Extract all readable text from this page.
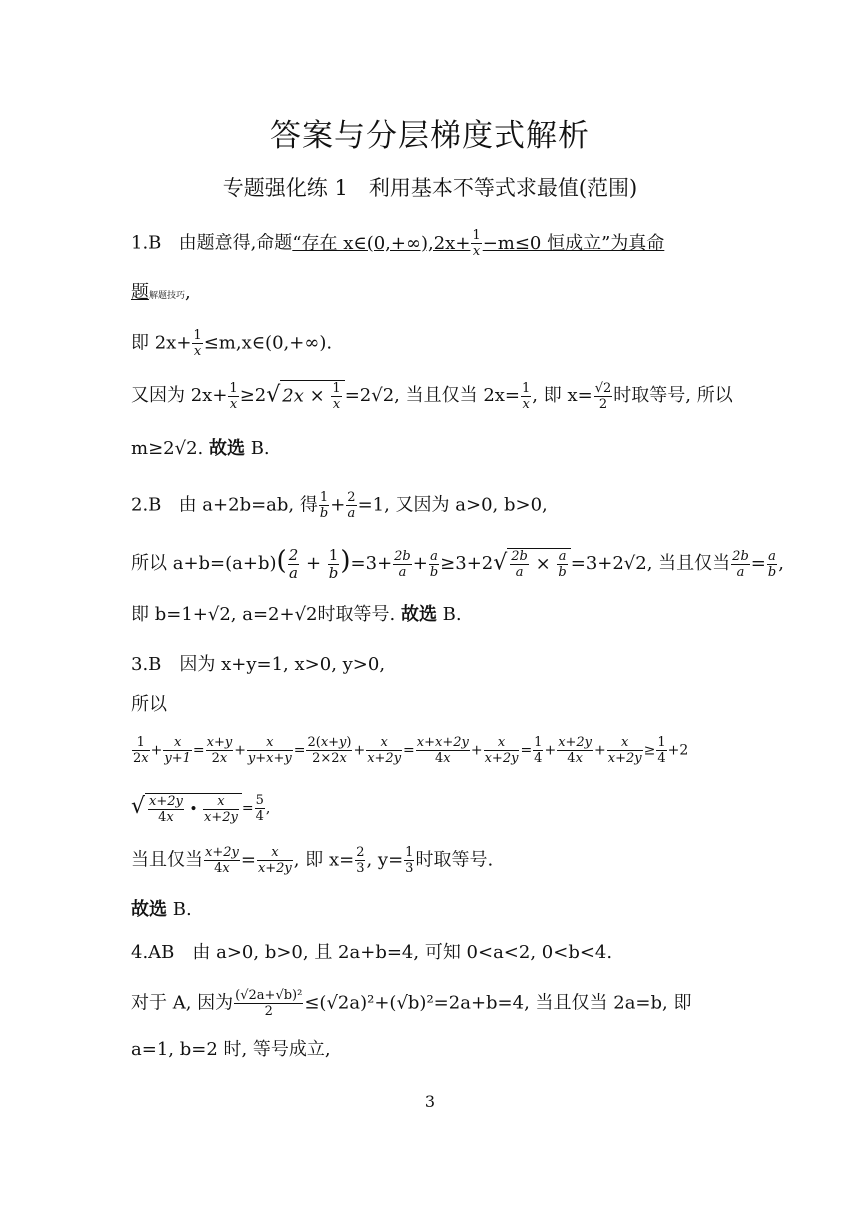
答案与分层梯度式解析
专题强化练 1　利用基本不等式求最值(范围)
1.B 由题意得,命题“存在 x∈(0,+∞),2x+ $\frac{1}{x} -m\le 0$ 恒成立”为真命
题解题技巧,
即 $2x+ \frac{1}{x}$ ≤m,x∈(0,+∞).
又因为 $2x+ \frac{1}{x} \ge 2√$ $2x \times \frac{1}{x} =2√2$, 当且仅当 $2x= \frac{1}{x}$ , 即 $x= \frac{√2}{2}$ 时取等号, 所以
m≥2√2. 故选 B.
2.B 由 a+2b=ab, 得 $\frac{1}{b} + \frac{2}{a} =1$, 又因为 a>0, b>0,
所以 $a+b=(a+b)( \frac{2}{a} + \frac{1}{b} )=3+ \frac{2b}{a} + \frac{a}{b} \ge 3+2√ \frac{2b}{a} \times \frac{a}{b} =3+2√2$, 当且仅当 $\frac{2b}{a} = \frac{a}{b}$ ,
即 b=1+√2, a=2+√2时取等号. 故选 B.
3.B　因为 x+y=1, x>0, y>0,
所以
$\frac{1}{2x} + \frac{x}{y+1} = \frac{x+y}{2x} + \frac{x}{y+x+y} = \frac{2(x+y)}{2\times 2x} + \frac{x}{x+2y} = \frac{x+x+2y}{4x} + \frac{x}{x+2y} = \frac{1}{4} + \frac{x+2y}{4x} + \frac{x}{x+2y} \ge \frac{1}{4} +2$
√ $\frac{x+2y}{4x}$ • $\frac{x}{x+2y} = \frac{5}{4}$ ,
当且仅当 $\frac{x+2y}{4x} = \frac{x}{x+2y}$ , 即 $x= \frac{2}{3}$ , $y= \frac{1}{3}$ 时取等号.
故选 B.
4.AB　由 a>0, b>0, 且 2a+b=4, 可知 0<a<2, 0<b<4.
对于 A, 因为 $\frac{\text{(√2a+√b)²}}{2} \le(√2a)^2+(√b)^2=2a+b=4$, 当且仅当 2a=b, 即
a=1, b=2 时, 等号成立,
3
